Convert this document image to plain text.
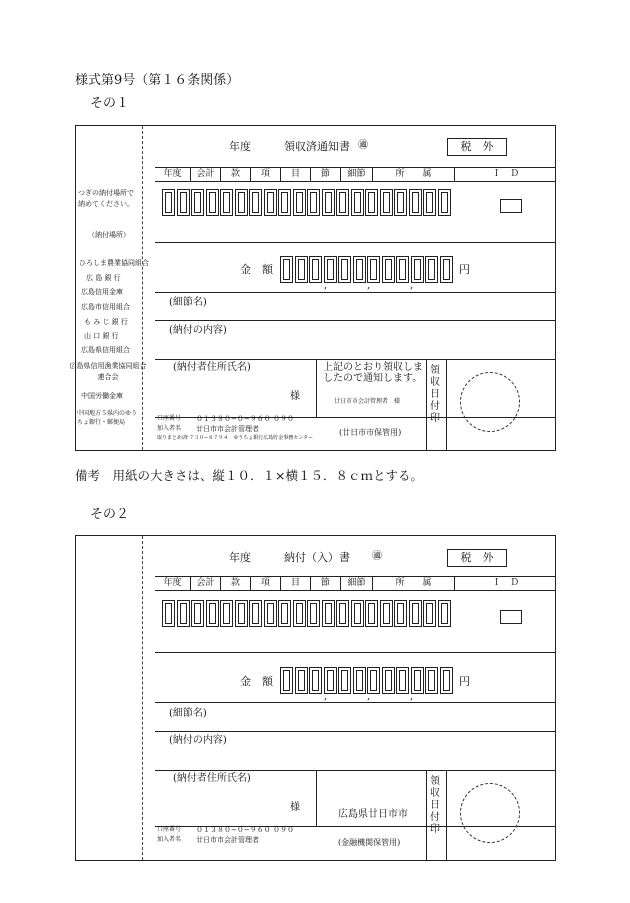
様式第9号（第１６条関係）
その１
つぎの納付場所で納めてください。
（納付場所）
ひろしま農業協同組合
広 島 銀 行
広島信用金庫
広島市信用組合
も み じ 銀 行
山 口 銀 行
広島県信用組合
広島県信用漁業協同組合連合会
中国労働金庫
中国地方５県内のゆうちょ銀行・郵便局
年度	領収済通知書 ㊜	税　外
年度	会計	款	項	目	節	細節	所　　属	Ｉ　Ｄ
金　額
,	,	,
円
(細節名)
(納付の内容)
(納付者住所氏名)
様
上記のとおり領収しましたので通知します。
廿日市市会計管理者　様
領収日付印
口座番号 ０１３８０−０−９６０ ０９０
加入者名 廿日市市会計管理者
取りまとめ店
〒７３０−８７９４　ゆうちょ銀行広島貯金事務センター
(廿日市市保管用)
備考　用紙の大きさは、縦１０．１×横１５．８ｃｍとする。
その２
年度	納付（入）書 ㊜	税　外
年度	会計	款	項	目	節	細節	所　　属	Ｉ　Ｄ
金　額
,	,	,
円
(細節名)
(納付の内容)
(納付者住所氏名)
様
広島県廿日市市
領収日付印
口座番号 ０１３８０−０−９６０ ０９０
加入者名 廿日市市会計管理者	(金融機関保管用)
